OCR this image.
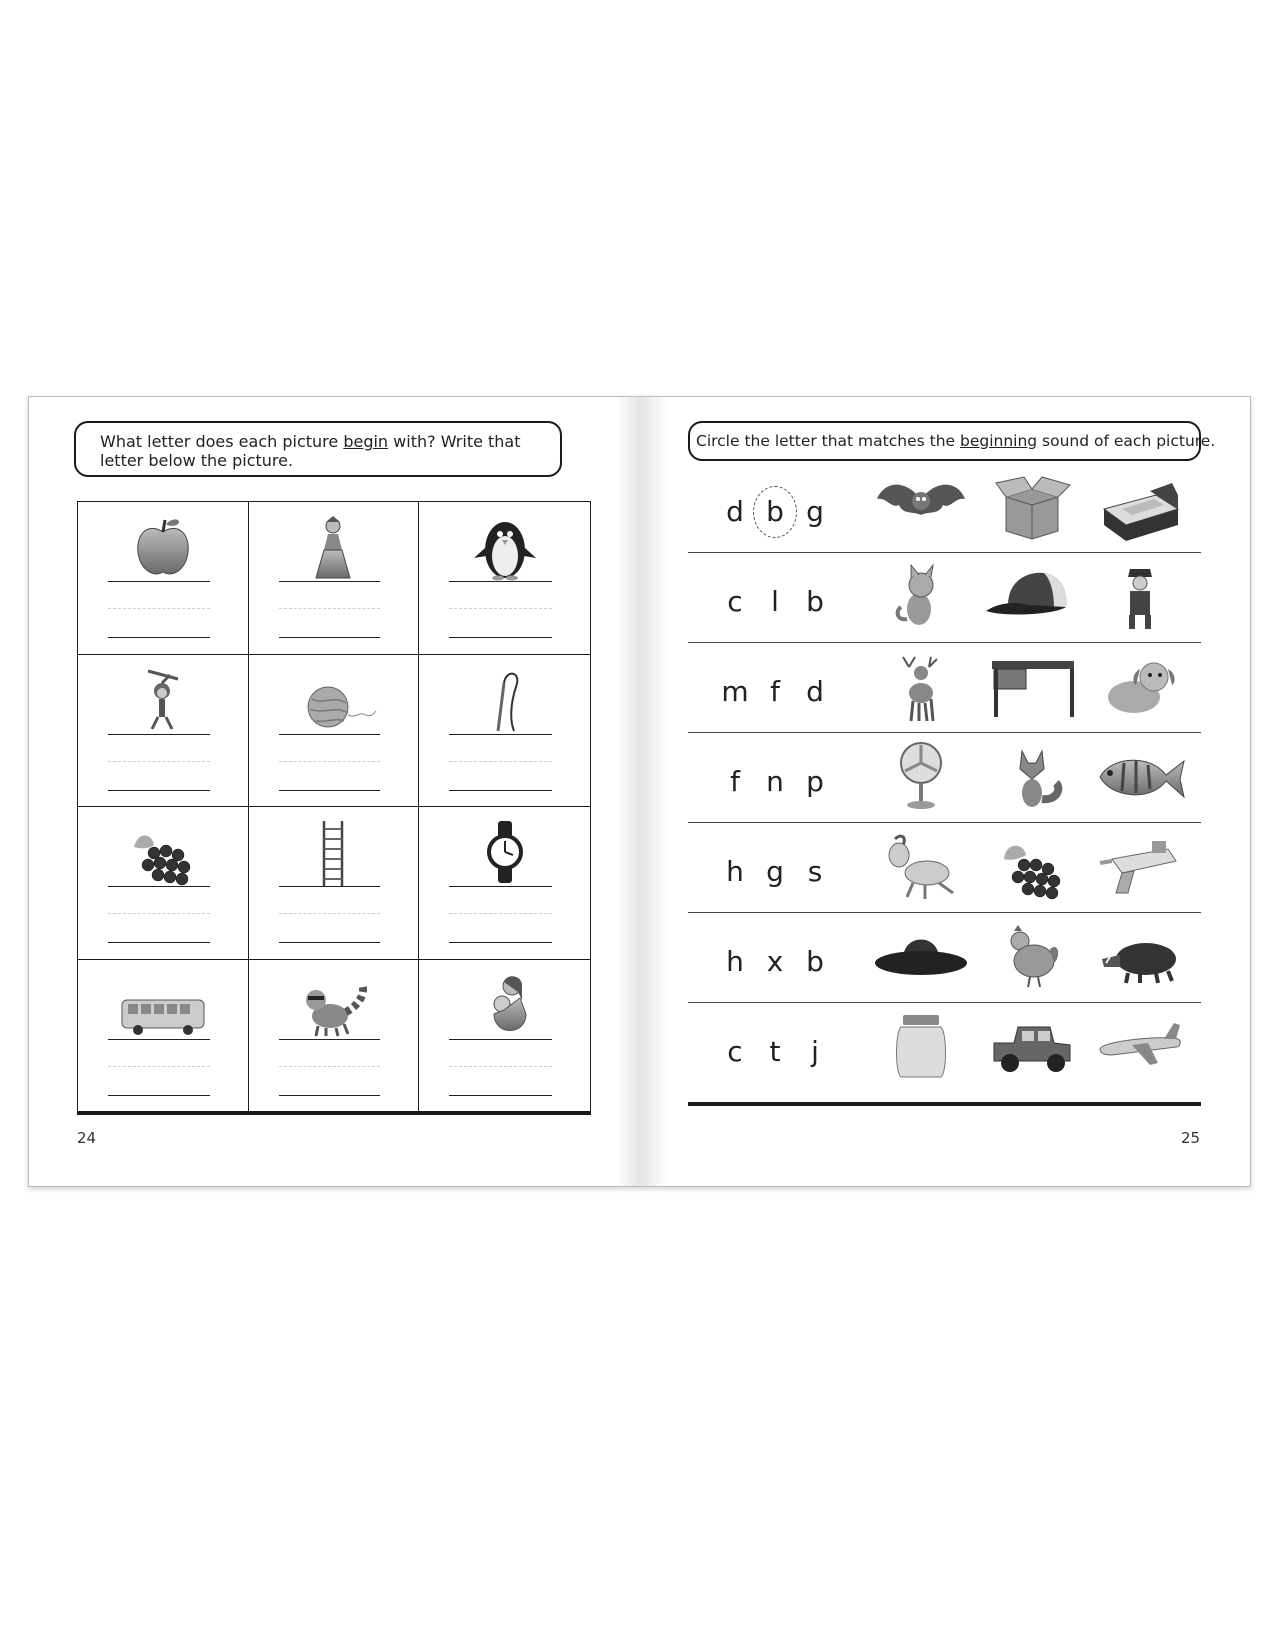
What letter does each picture begin with? Write that letter below the picture.
24
Circle the letter that matches the beginning sound of each picture.
d b g
c	l b
m f d
f n p
h g s
h x b
c t	j
25
